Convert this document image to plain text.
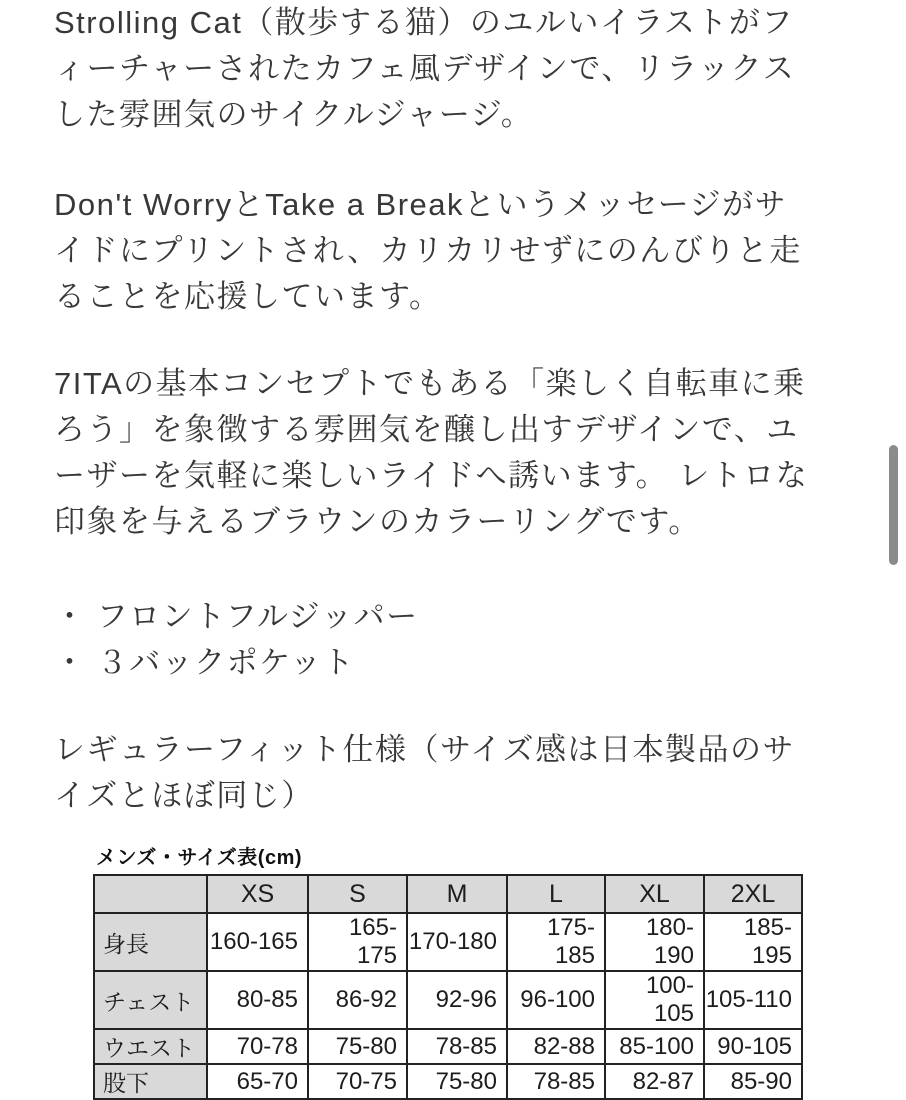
Strolling Cat（散歩する猫）のユルいイラストがフ
ィーチャーされたカフェ風デザインで、リラックス
した雰囲気のサイクルジャージ。
Don't WorryとTake a Breakというメッセージがサ
イドにプリントされ、カリカリせずにのんびりと走
ることを応援しています。
7ITAの基本コンセプトでもある「楽しく自転車に乗
ろう」を象徴する雰囲気を醸し出すデザインで、ユ
ーザーを気軽に楽しいライドへ誘います。 レトロな
印象を与えるブラウンのカラーリングです。
・ フロントフルジッパー
・ ３バックポケット
レギュラーフィット仕様（サイズ感は日本製品のサ
イズとほぼ同じ）
メンズ・サイズ表(cm)
	XS	S	M	L	XL	2XL
身長	160-165	165-175	170-180	175-185	180-190	185-195
チェスト	80-85	86-92	92-96	96-100	100-105	105-110
ウエスト	70-78	75-80	78-85	82-88	85-100	90-105
股下	65-70	70-75	75-80	78-85	82-87	85-90
